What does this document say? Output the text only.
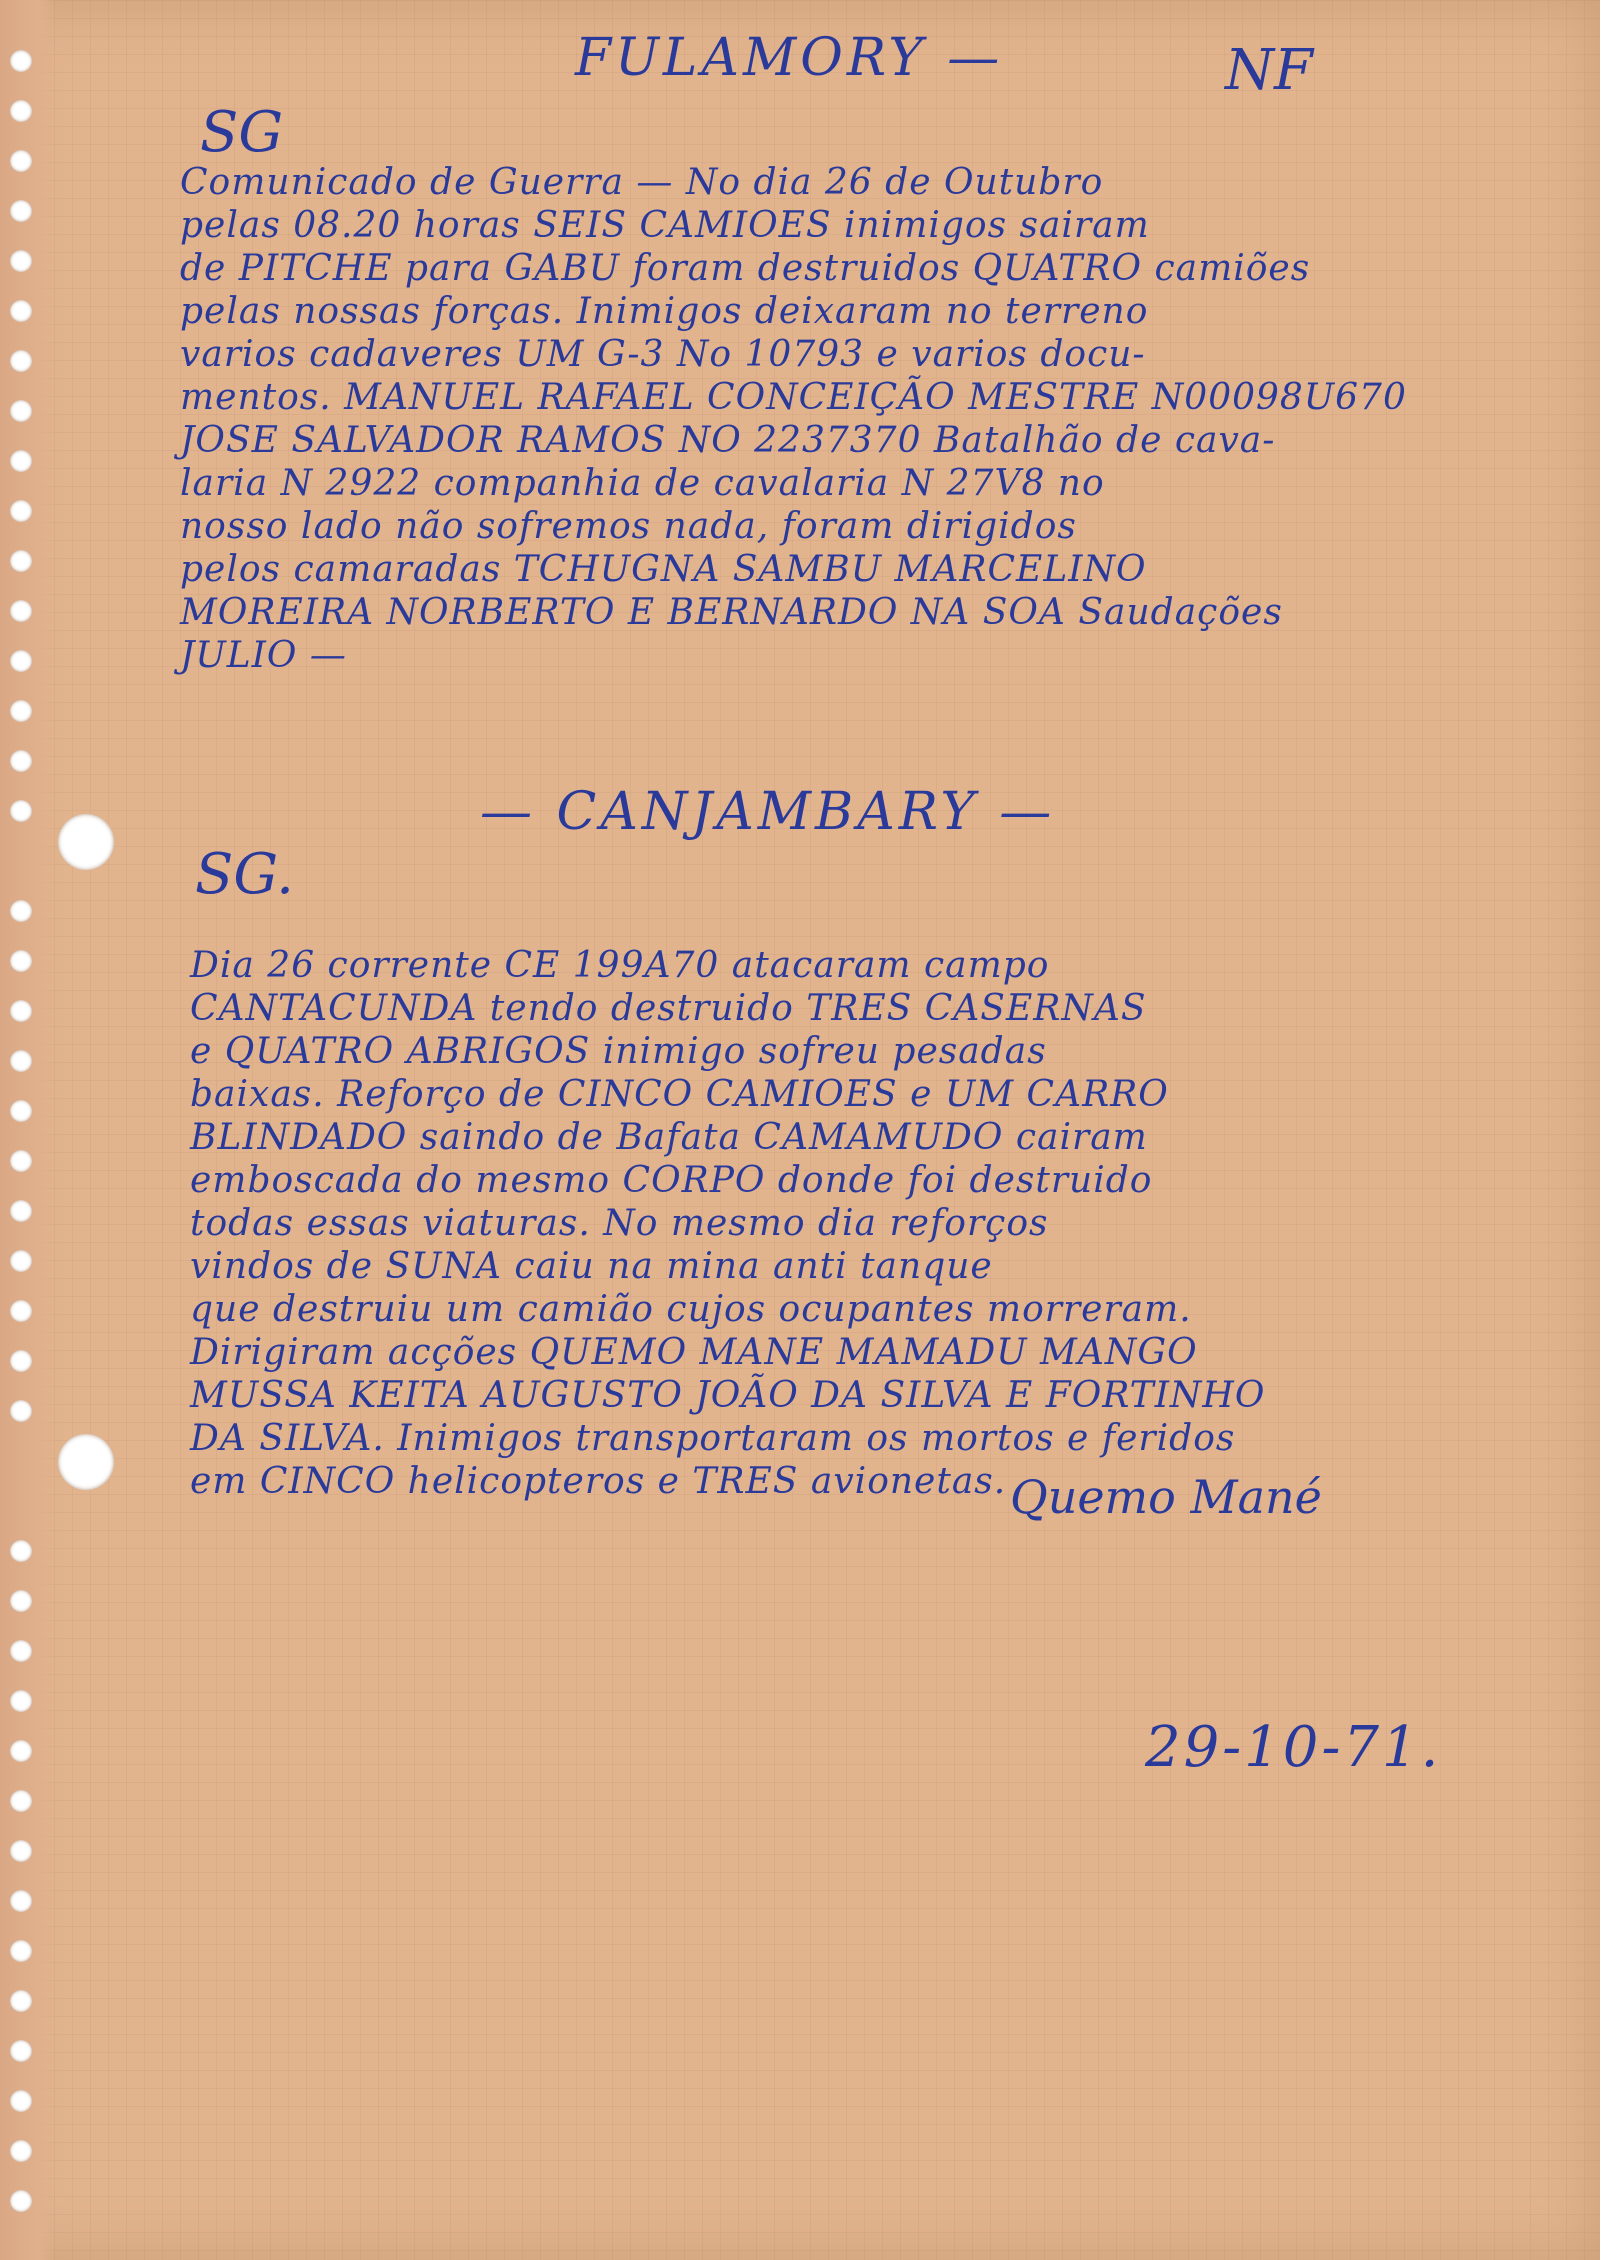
FULAMORY —	NF
SG
Comunicado de Guerra — No dia 26 de Outubro
pelas 08.20 horas SEIS CAMIOES inimigos sairam
de PITCHE para GABU foram destruidos QUATRO camiões
pelas nossas forças. Inimigos deixaram no terreno
varios cadaveres UM G-3 No 10793 e varios docu-
mentos. MANUEL RAFAEL CONCEIÇÃO MESTRE N00098U670
JOSE SALVADOR RAMOS NO 2237370 Batalhão de cava-
laria N 2922 companhia de cavalaria N 27V8 no
nosso lado não sofremos nada, foram dirigidos
pelos camaradas TCHUGNA SAMBU MARCELINO
MOREIRA NORBERTO E BERNARDO NA SOA Saudações
JULIO —
— CANJAMBARY —
SG.
Dia 26 corrente CE 199A70 atacaram campo
CANTACUNDA tendo destruido TRES CASERNAS
e QUATRO ABRIGOS inimigo sofreu pesadas
baixas. Reforço de CINCO CAMIOES e UM CARRO
BLINDADO saindo de Bafata CAMAMUDO cairam
emboscada do mesmo CORPO donde foi destruido
todas essas viaturas. No mesmo dia reforços
vindos de SUNA caiu na mina anti tanque
que destruiu um camião cujos ocupantes morreram.
Dirigiram acções QUEMO MANE MAMADU MANGO
MUSSA KEITA AUGUSTO JOÃO DA SILVA E FORTINHO
DA SILVA. Inimigos transportaram os mortos e feridos
em CINCO helicopteros e TRES avionetas. Quemo Mané
29-10-71.
